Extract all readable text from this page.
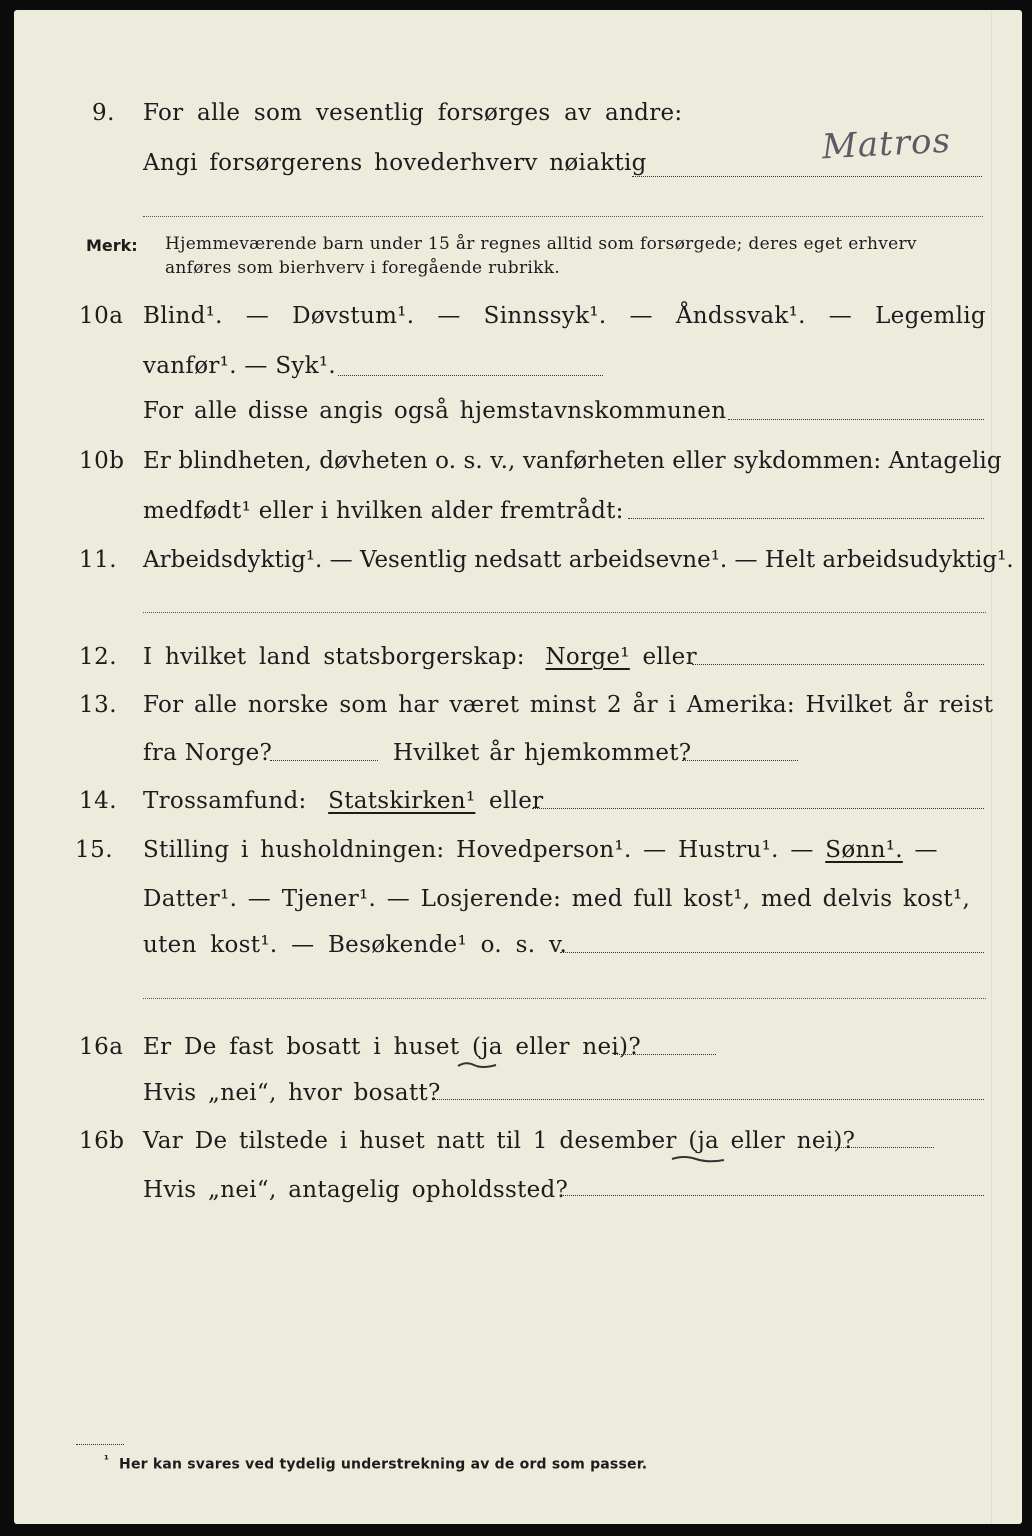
9. For alle som vesentlig forsørges av andre:
Angi forsørgerens hovederhverv nøiaktig	Matros
Merk: Hjemmeværende barn under 15 år regnes alltid som forsørgede; deres eget erhverv
anføres som bierhverv i foregående rubrikk.
10a Blind¹. — Døvstum¹. — Sinnssyk¹. — Åndssvak¹. — Legemlig
vanfør¹. — Syk¹.
For alle disse angis også hjemstavnskommunen
10b Er blindheten, døvheten o. s. v., vanførheten eller sykdommen: Antagelig
medfødt¹ eller i hvilken alder fremtrådt:
11. Arbeidsdyktig¹. — Vesentlig nedsatt arbeidsevne¹. — Helt arbeidsudyktig¹.
12. I hvilket land statsborgerskap: Norge¹ eller
13. For alle norske som har været minst 2 år i Amerika: Hvilket år reist
fra Norge?	Hvilket år hjemkommet?
14. Trossamfund: Statskirken¹ eller
15. Stilling i husholdningen: Hovedperson¹. — Hustru¹. — Sønn¹. —
Datter¹. — Tjener¹. — Losjerende: med full kost¹, med delvis kost¹,
uten kost¹. — Besøkende¹ o. s. v.
16a Er De fast bosatt i huset (ja eller nei)?
Hvis „nei“, hvor bosatt?
16b Var De tilstede i huset natt til 1 desember (ja eller nei)?
Hvis „nei“, antagelig opholdssted?
$^{^1}$ Her kan svares ved tydelig understrekning av de ord som passer.
